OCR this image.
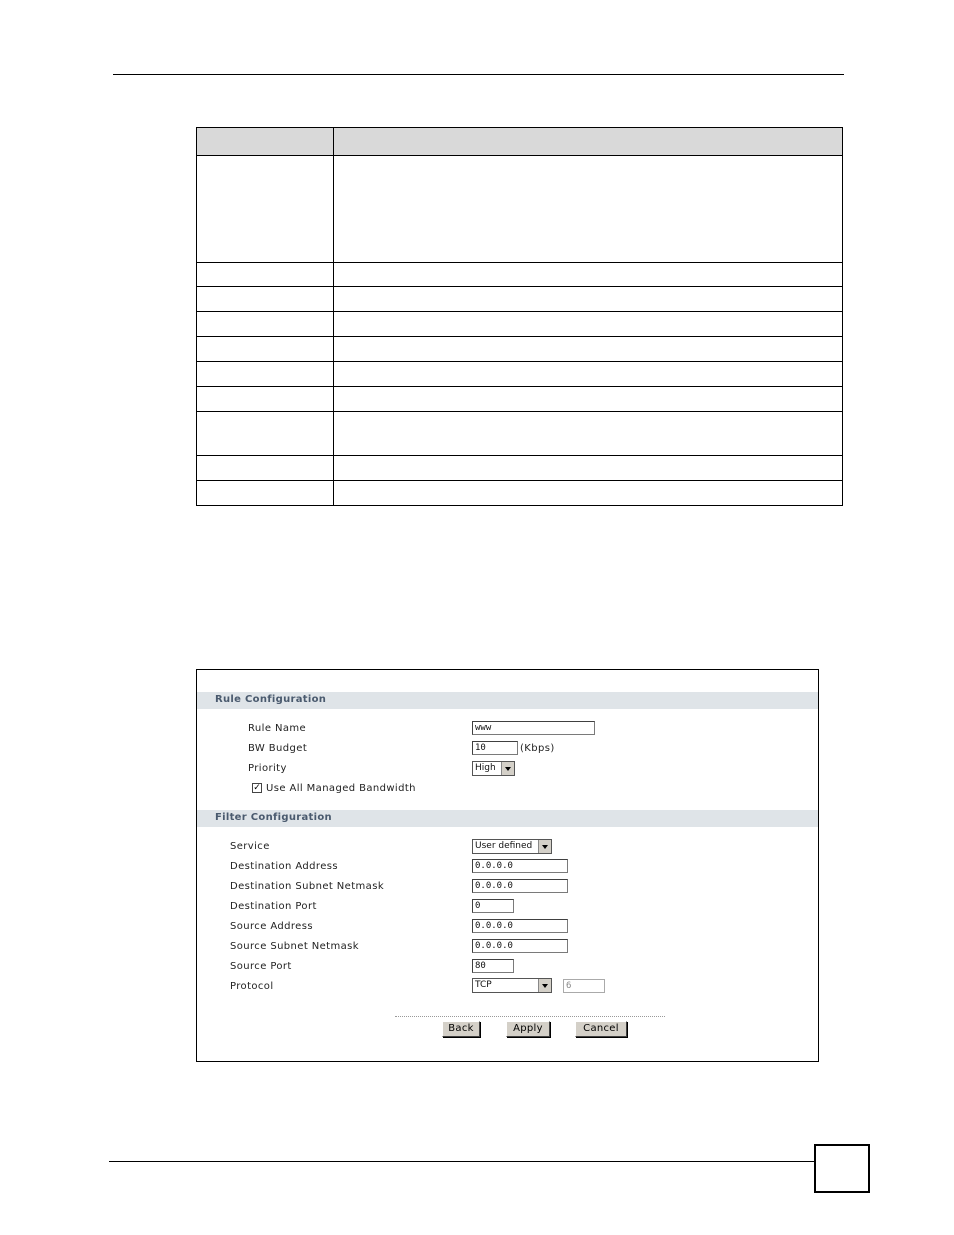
Rule Configuration
Rule Name	www
BW Budget	10	(Kbps)
Priority	High
✓ Use All Managed Bandwidth
Filter Configuration
Service	User defined
Destination Address	0.0.0.0
Destination Subnet Netmask	0.0.0.0
Destination Port	0
Source Address	0.0.0.0
Source Subnet Netmask	0.0.0.0
Source Port	80
Protocol	TCP	6
Back	Apply	Cancel
